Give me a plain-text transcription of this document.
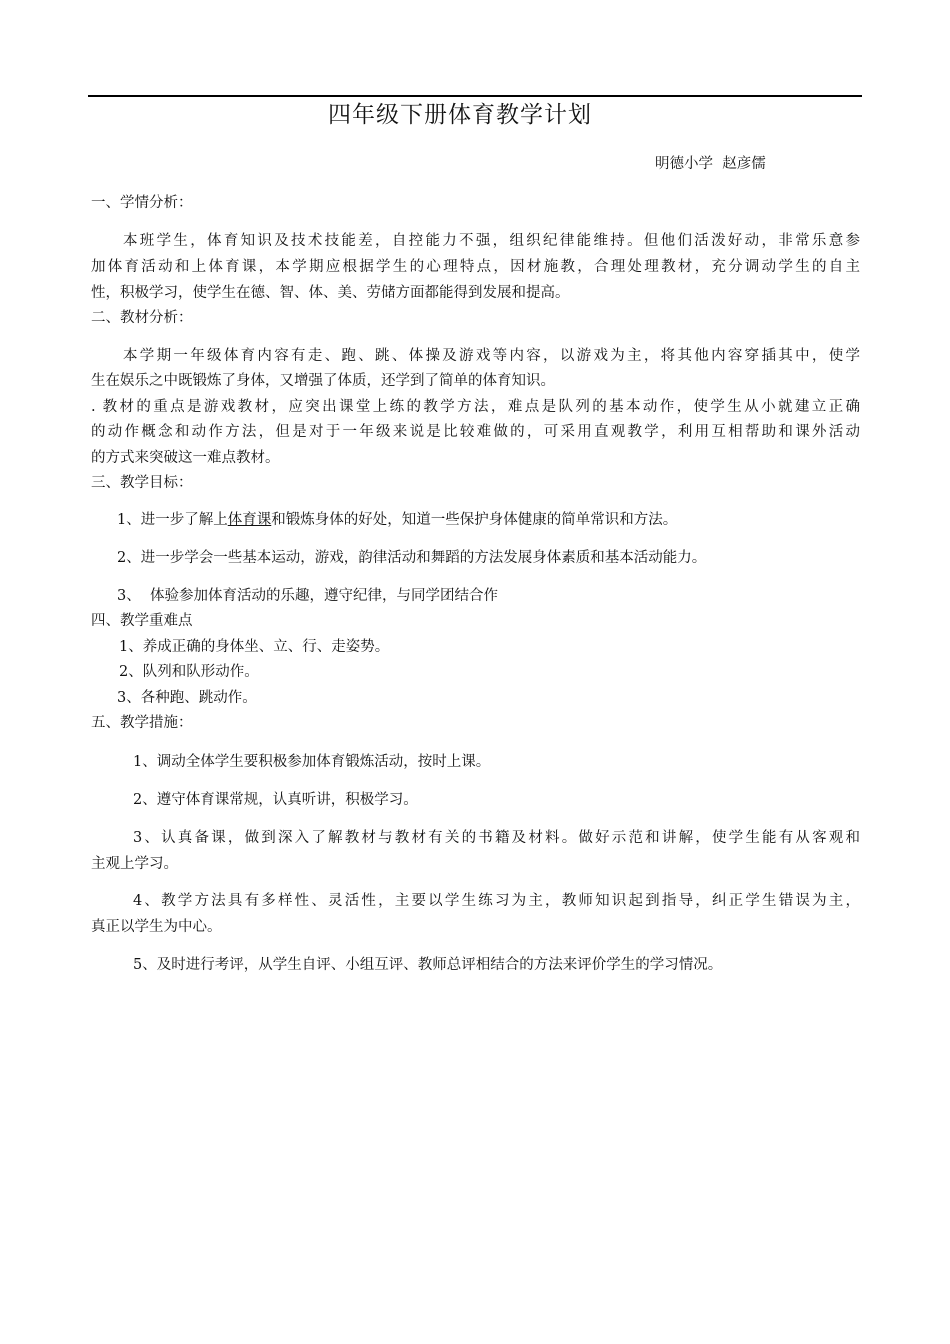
四年级下册体育教学计划
明德小学  赵彦儒
一、学情分析：
本班学生，体育知识及技术技能差，自控能力不强，组织纪律能维持。但他们活泼好动，非常乐意参
加体育活动和上体育课，本学期应根据学生的心理特点，因材施教，合理处理教材，充分调动学生的自主
性，积极学习，使学生在德、智、体、美、劳储方面都能得到发展和提高。
二、教材分析：
本学期一年级体育内容有走、跑、跳、体操及游戏等内容，以游戏为主，将其他内容穿插其中，使学
生在娱乐之中既锻炼了身体，又增强了体质，还学到了简单的体育知识。
. 教材的重点是游戏教材，应突出课堂上练的教学方法，难点是队列的基本动作，使学生从小就建立正确
的动作概念和动作方法，但是对于一年级来说是比较难做的，可采用直观教学，利用互相帮助和课外活动
的方式来突破这一难点教材。
三、教学目标：
1、进一步了解上体育课和锻炼身体的好处，知道一些保护身体健康的简单常识和方法。
2、进一步学会一些基本运动，游戏，韵律活动和舞蹈的方法发展身体素质和基本活动能力。
3、  体验参加体育活动的乐趣，遵守纪律，与同学团结合作
四、教学重难点
1、养成正确的身体坐、立、行、走姿势。
2、队列和队形动作。
3、各种跑、跳动作。
五、教学措施：
1、调动全体学生要积极参加体育锻炼活动，按时上课。
2、遵守体育课常规，认真听讲，积极学习。
3、认真备课，做到深入了解教材与教材有关的书籍及材料。做好示范和讲解，使学生能有从客观和
主观上学习。
4、教学方法具有多样性、灵活性，主要以学生练习为主，教师知识起到指导，纠正学生错误为主，
真正以学生为中心。
5、及时进行考评，从学生自评、小组互评、教师总评相结合的方法来评价学生的学习情况。
